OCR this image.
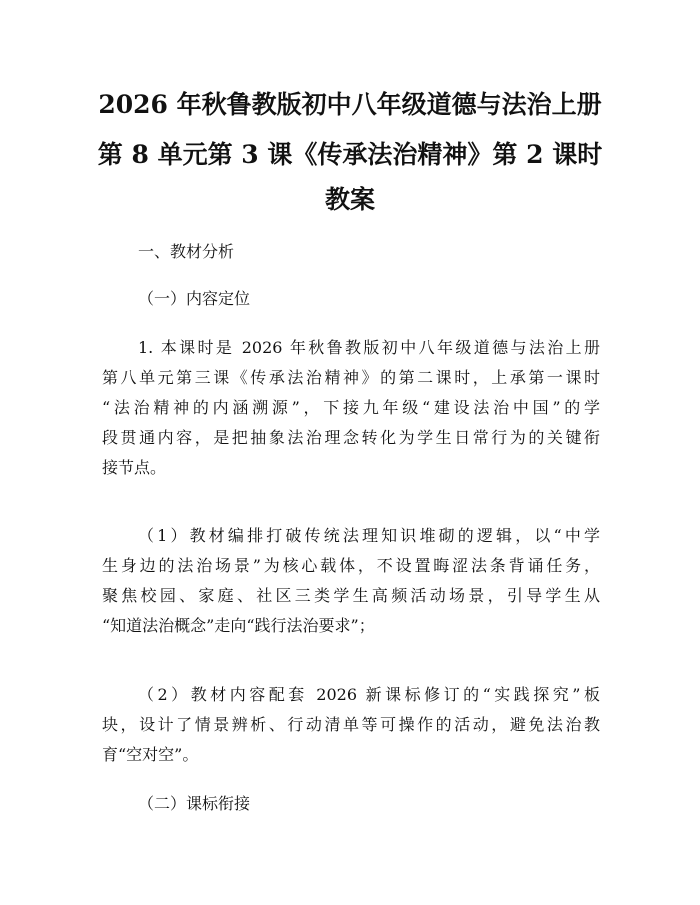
2026 年秋鲁教版初中八年级道德与法治上册
第 8 单元第 3 课《传承法治精神》第 2 课时
教案

一、教材分析

（一）内容定位

1. 本课时是 2026 年秋鲁教版初中八年级道德与法治上册
第八单元第三课《传承法治精神》的第二课时，上承第一课时
“法治精神的内涵溯源”，下接九年级“建设法治中国”的学
段贯通内容，是把抽象法治理念转化为学生日常行为的关键衔
接节点。
（1）教材编排打破传统法理知识堆砌的逻辑，以“中学
生身边的法治场景”为核心载体，不设置晦涩法条背诵任务，
聚焦校园、家庭、社区三类学生高频活动场景，引导学生从
“知道法治概念”走向“践行法治要求”；
（2）教材内容配套 2026 新课标修订的“实践探究”板
块，设计了情景辨析、行动清单等可操作的活动，避免法治教
育“空对空”。

（二）课标衔接
